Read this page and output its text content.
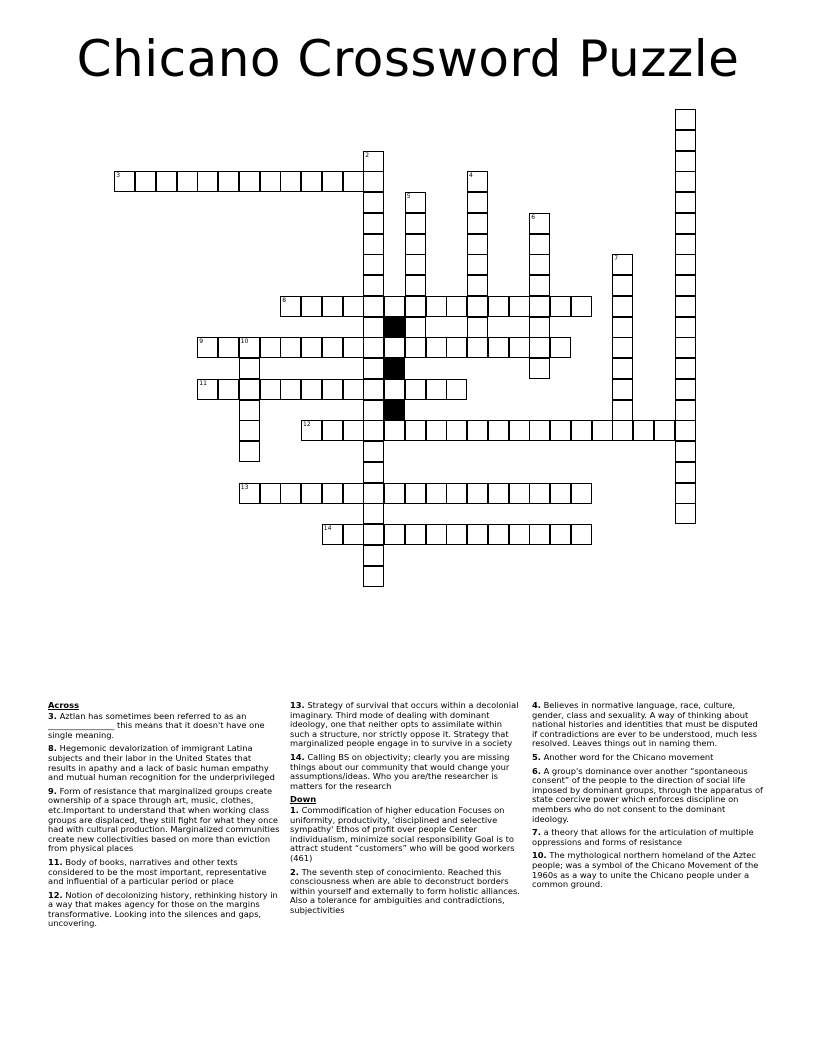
Chicano Crossword Puzzle
3
8
9	10
11
12
13
14
2
4
5
6
7
Across
3. Aztlan has sometimes been referred to as an ________________ this means that it doesn't have one single meaning.
8. Hegemonic devalorization of immigrant Latina subjects and their labor in the United States that results in apathy and a lack of basic human empathy and mutual human recognition for the underprivileged
9. Form of resistance that marginalized groups create ownership of a space through art, music, clothes, etc.Important to understand that when working class groups are displaced, they still fight for what they once had with cultural production. Marginalized communities create new collectivities based on more than eviction from physical places
11. Body of books, narratives and other texts considered to be the most important, representative and influential of a particular period or place
12. Notion of decolonizing history, rethinking history in a way that makes agency for those on the margins transformative. Looking into the silences and gaps, uncovering.
13. Strategy of survival that occurs within a decolonial imaginary. Third mode of dealing with dominant ideology, one that neither opts to assimilate within such a structure, nor strictly oppose it. Strategy that marginalized people engage in to survive in a society
14. Calling BS on objectivity; clearly you are missing things about our community that would change your assumptions/ideas. Who you are/the researcher is matters for the research
Down
1. Commodification of higher education Focuses on uniformity, productivity, 'disciplined and selective sympathy' Ethos of profit over people Center individualism, minimize social responsibility Goal is to attract student “customers” who will be good workers (461)
2. The seventh step of conocimiento. Reached this consciousness when are able to deconstruct borders within yourself and externally to form holistic alliances. Also a tolerance for ambiguities and contradictions, subjectivities
4. Believes in normative language, race, culture, gender, class and sexuality. A way of thinking about national histories and identities that must be disputed if contradictions are ever to be understood, much less resolved. Leaves things out in naming them.
5. Another word for the Chicano movement
6. A group's dominance over another “spontaneous consent” of the people to the direction of social life imposed by dominant groups, through the apparatus of state coercive power which enforces discipline on members who do not consent to the dominant ideology.
7. a theory that allows for the articulation of multiple oppressions and forms of resistance
10. The mythological northern homeland of the Aztec people; was a symbol of the Chicano Movement of the 1960s as a way to unite the Chicano people under a common ground.
